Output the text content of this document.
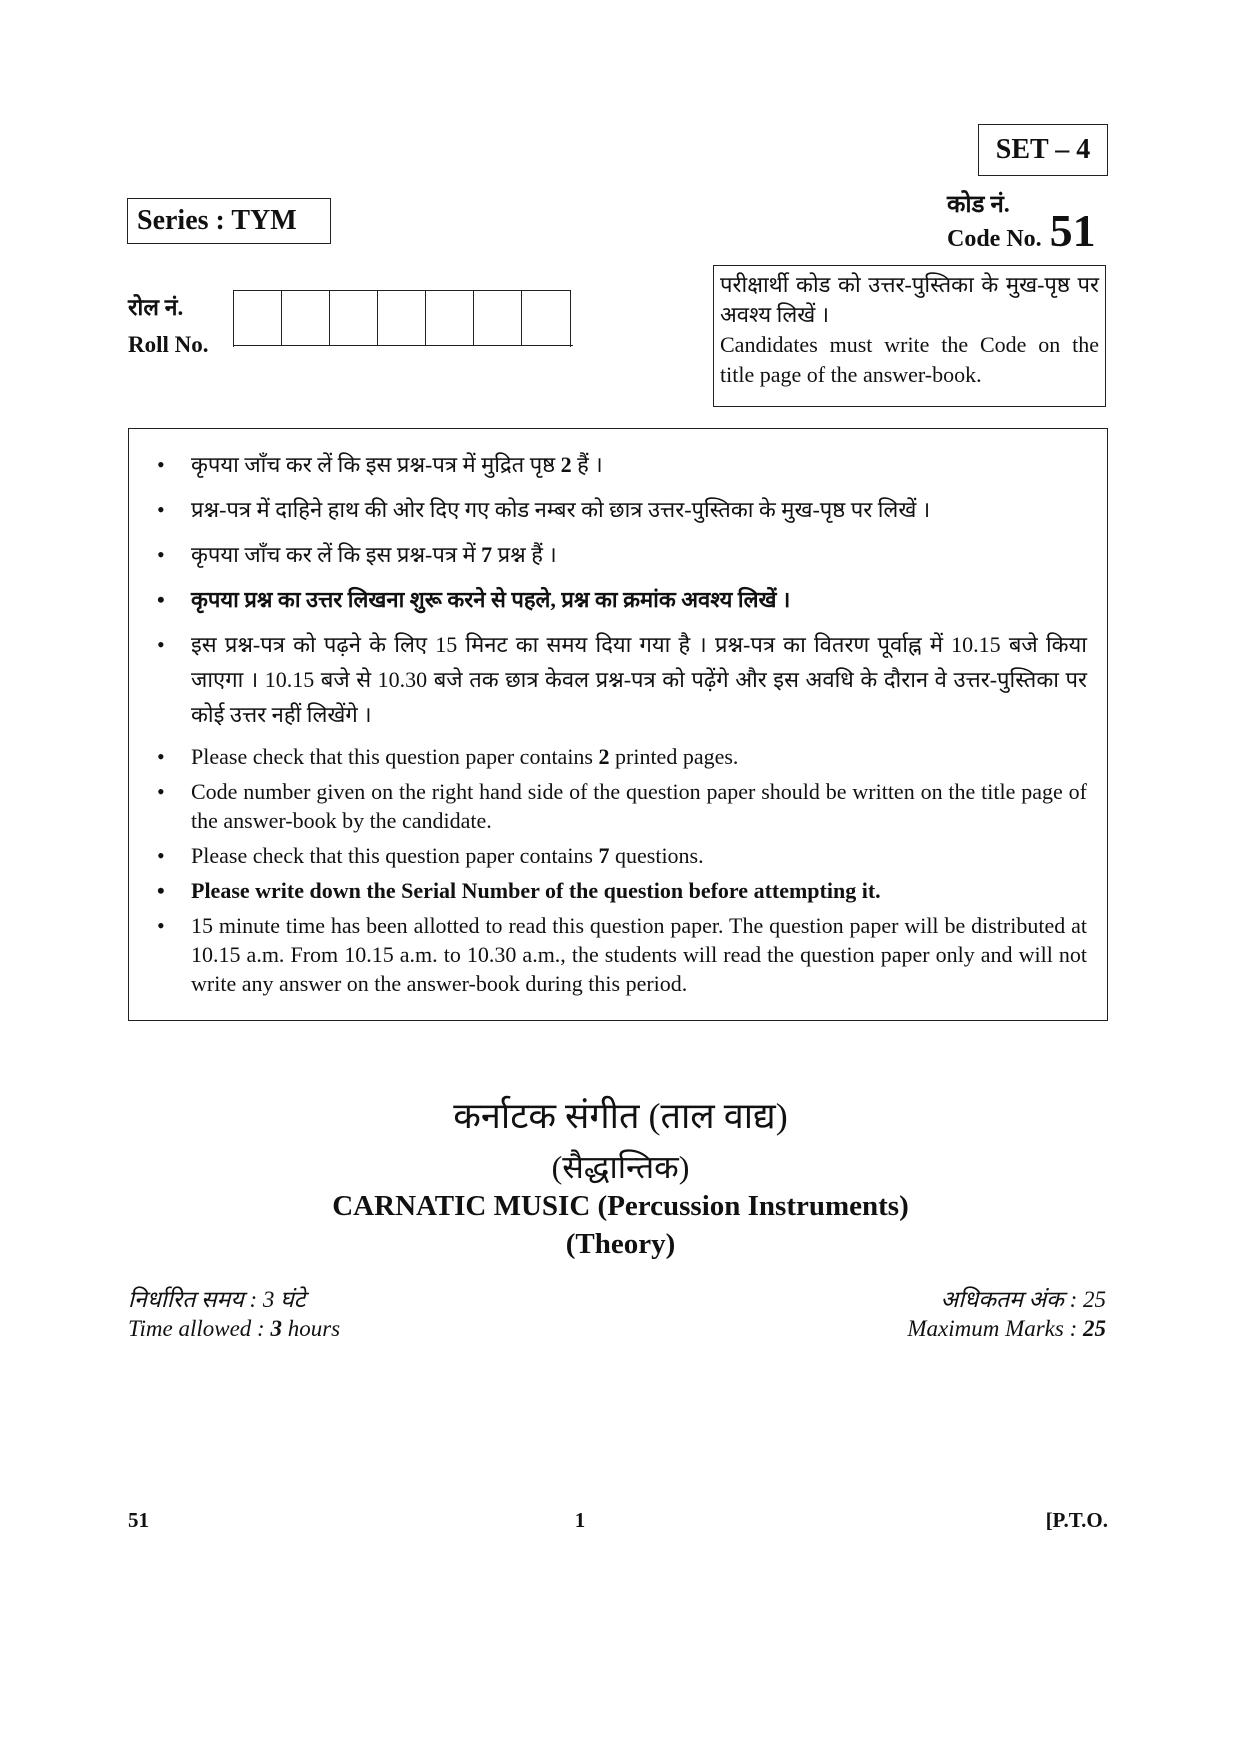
SET – 4
Series : TYM	कोड नं.
Code No. 51
रोल नं.
Roll No.

परीक्षार्थी कोड को उत्तर-पुस्तिका के मुख-पृष्ठ पर अवश्य लिखें ।

Candidates must write the Code on the title page of the answer-book.

• कृपया जाँच कर लें कि इस प्रश्न-पत्र में मुद्रित पृष्ठ 2 हैं ।
• प्रश्न-पत्र में दाहिने हाथ की ओर दिए गए कोड नम्बर को छात्र उत्तर-पुस्तिका के मुख-पृष्ठ पर लिखें ।
• कृपया जाँच कर लें कि इस प्रश्न-पत्र में 7 प्रश्न हैं ।
• कृपया प्रश्न का उत्तर लिखना शुरू करने से पहले, प्रश्न का क्रमांक अवश्य लिखें ।
• इस प्रश्न-पत्र को पढ़ने के लिए 15 मिनट का समय दिया गया है । प्रश्न-पत्र का वितरण पूर्वाह्न में 10.15 बजे किया जाएगा । 10.15 बजे से 10.30 बजे तक छात्र केवल प्रश्न-पत्र को पढ़ेंगे और इस अवधि के दौरान वे उत्तर-पुस्तिका पर कोई उत्तर नहीं लिखेंगे ।
• Please check that this question paper contains 2 printed pages.
• Code number given on the right hand side of the question paper should be written on the title page of the answer-book by the candidate.
• Please check that this question paper contains 7 questions.
• Please write down the Serial Number of the question before attempting it.
• 15 minute time has been allotted to read this question paper. The question paper will be distributed at 10.15 a.m. From 10.15 a.m. to 10.30 a.m., the students will read the question paper only and will not write any answer on the answer-book during this period.
कर्नाटक संगीत (ताल वाद्य)
(सैद्धान्तिक)
CARNATIC MUSIC (Percussion Instruments)
(Theory)
निर्धारित समय : 3 घंटे
Time allowed : 3 hours
अधिकतम अंक : 25
Maximum Marks : 25
51	1	[P.T.O.
